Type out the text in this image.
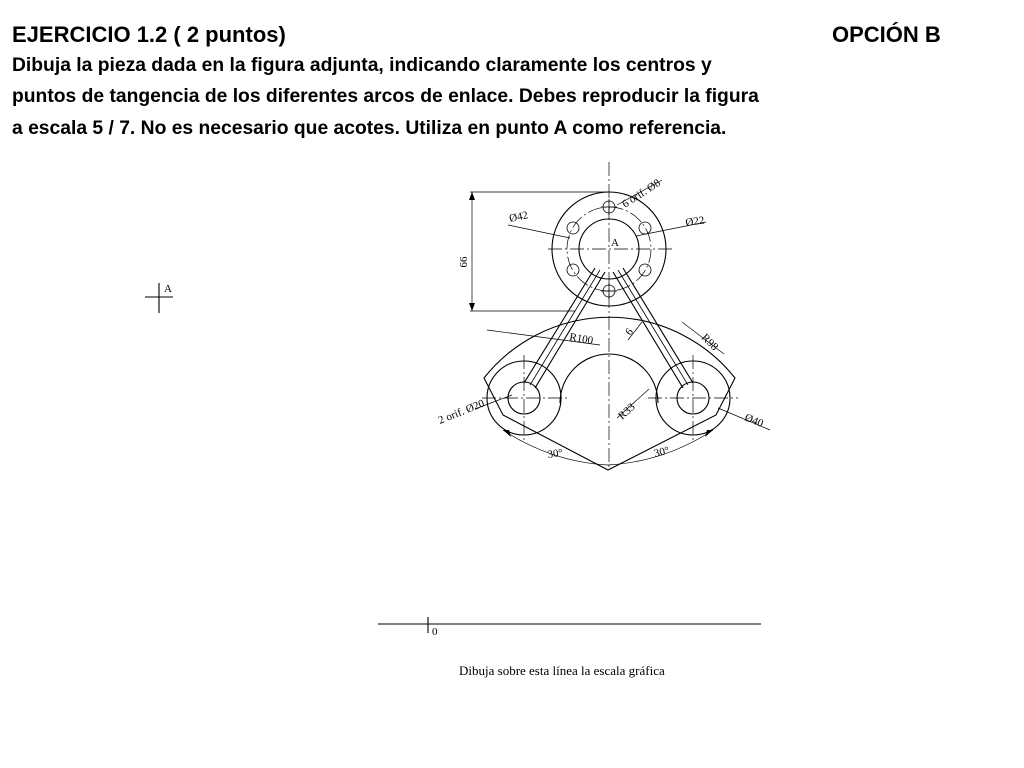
EJERCICIO 1.2 ( 2 puntos)	OPCIÓN B
Dibuja la pieza dada en la figura adjunta, indicando claramente los centros y
puntos de tangencia de los diferentes arcos de enlace. Debes reproducir la figura
a escala 5 / 7. No es necesario que acotes. Utiliza en punto A como referencia.
A
A
66
6 orif. Ø8
Ø42	Ø22
R100	6	R98
2 orif. Ø20	R33	Ø40
30°	30°
0
Dibuja sobre esta línea la escala gráfica
